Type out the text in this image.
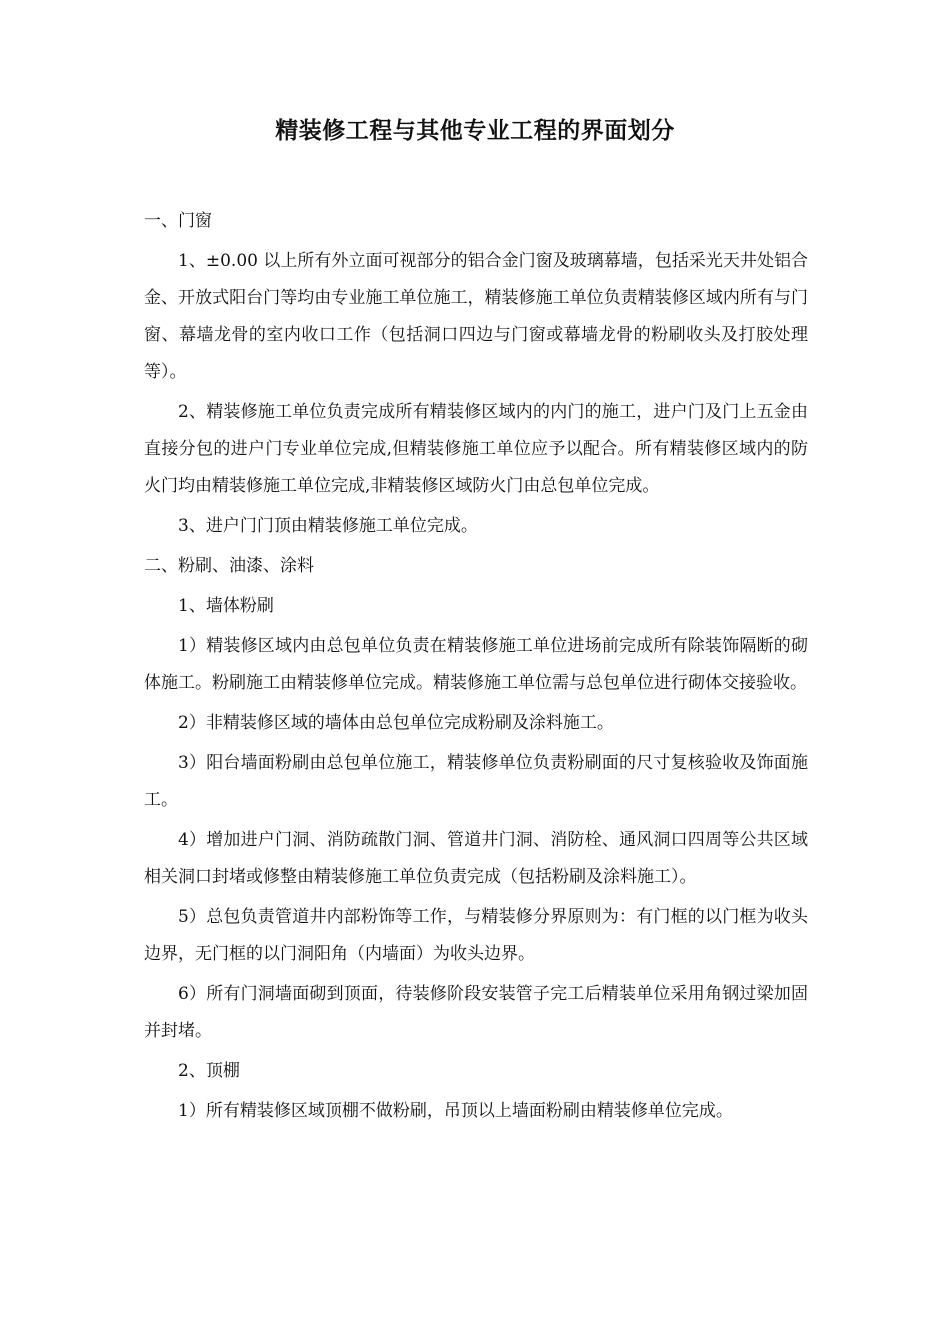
精装修工程与其他专业工程的界面划分

一、门窗

1、±0.00 以上所有外立面可视部分的铝合金门窗及玻璃幕墙，包括采光天井处铝合金、开放式阳台门等均由专业施工单位施工，精装修施工单位负责精装修区域内所有与门窗、幕墙龙骨的室内收口工作（包括洞口四边与门窗或幕墙龙骨的粉刷收头及打胶处理等）。

2、精装修施工单位负责完成所有精装修区域内的内门的施工，进户门及门上五金由直接分包的进户门专业单位完成,但精装修施工单位应予以配合。所有精装修区域内的防火门均由精装修施工单位完成,非精装修区域防火门由总包单位完成。

3、进户门门顶由精装修施工单位完成。

二、粉刷、油漆、涂料

1、墙体粉刷

1）精装修区域内由总包单位负责在精装修施工单位进场前完成所有除装饰隔断的砌体施工。粉刷施工由精装修单位完成。精装修施工单位需与总包单位进行砌体交接验收。

2）非精装修区域的墙体由总包单位完成粉刷及涂料施工。

3）阳台墙面粉刷由总包单位施工，精装修单位负责粉刷面的尺寸复核验收及饰面施工。

4）增加进户门洞、消防疏散门洞、管道井门洞、消防栓、通风洞口四周等公共区域相关洞口封堵或修整由精装修施工单位负责完成（包括粉刷及涂料施工）。

5）总包负责管道井内部粉饰等工作，与精装修分界原则为：有门框的以门框为收头边界，无门框的以门洞阳角（内墙面）为收头边界。

6）所有门洞墙面砌到顶面，待装修阶段安装管子完工后精装单位采用角钢过梁加固并封堵。

2、顶棚

1）所有精装修区域顶棚不做粉刷，吊顶以上墙面粉刷由精装修单位完成。
